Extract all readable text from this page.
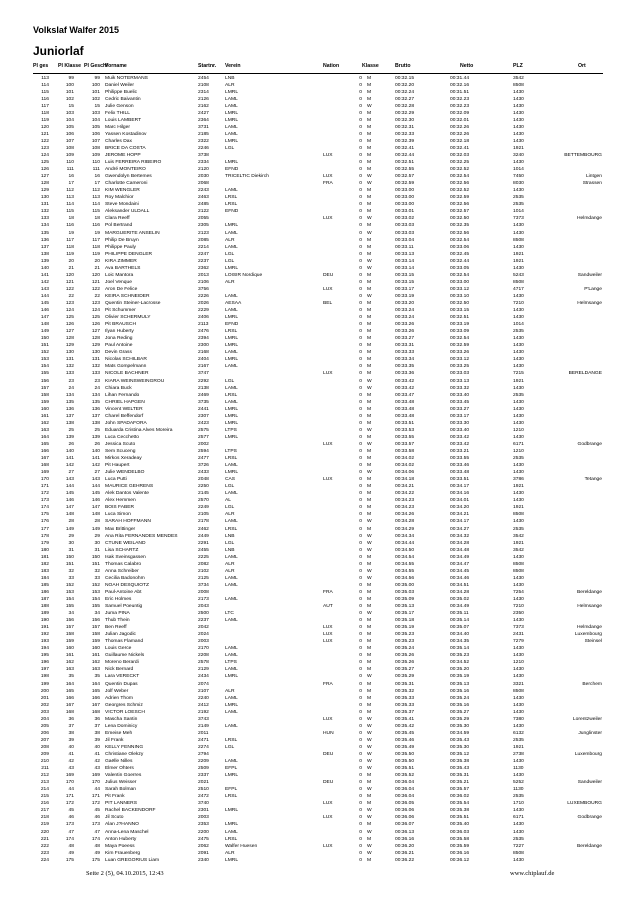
Volkslaf Walfer 2015
Juniorlaf
Pl ges Pl Klasse Pl Geschl
Vorname	Startnr. Verein	Nation	Klasse	Brutto	Netto	PLZ	Ort
113	99	99 Muik NOTERMANS	2454	LNB	0 M	00:32.15	00:31.44	3542
114	100	100 Daniel Weiler	2108	ALR	0 M	00:32.20	00:32.16	8508
115	101	101 Philippe Buelic	2314	LMRL	0 M	00:32.24	00:31.51	1430
116	102	102 Cedric Baivantin	2126	LAML	0 M	00:32.27	00:32.23	1430
117	15	15 Julie Genson	2162	LAML	0 W	00:32.28	00:32.23	1430
118	103	103 Felix THILL	2427	LMRL	0 M	00:32.29	00:32.09	1430
119	104	104 Louis LAMBERT	2364	LMRL	0 M	00:32.30	00:32.01	1430
120	105	105 Marc Hilger	3731	LAML	0 M	00:32.31	00:32.26	1430
121	106	106 Yassen Kostadinov	2185	LAML	0 M	00:32.33	00:32.26	1430
122	107	107 Charles Dax	2322	LMRL	0 M	00:32.39	00:32.18	1430
123	108	108 BRICE DA COSTA	2246	LGL	0 M	00:32.41	00:32.41	1921
124	109	109 JEROME HOPP	3738	LUX	0 M	00:32.44	00:32.03	3240	BETTEMBOURG
125	110	110 Luis FERREIRA RIBEIRO	2334	LMRL	0 M	00:32.51	00:32.25	1430
126	111	111 André MONTEIRO	2120	EFND	0 M	00:32.55	00:32.52	1014
127	16	16 Gwendolyn Bertemes	2030	TRICELTIC Diekirch	LUX	0 W	00:32.57	00:32.54	7450	Lintgen
128	17	17 Charlotte Cameroni	2068	FRA	0 W	00:32.59	00:32.56	8030	Strassen
129	112	112 KIM WENGLER	2243	LAML	0 M	00:33.00	00:32.52	1430
130	113	113 Roy Malchior	2463	LRSL	0 M	00:33.00	00:32.59	2535
131	114	114 Steve Mondaini	2485	LRSL	0 M	00:33.00	00:32.56	2535
132	115	115 Aleksander ULDALL	2122	EFND	0 M	00:33.01	00:32.57	1014
133	18	18 Clara Reeff	2055	LUX	0 W	00:33.02	00:32.50	7373	Helmdange
134	116	116 Pol Bertrand	2305	LMRL	0 M	00:33.03	00:32.35	1430
135	19	19 MARGUERITE ANSELIN	2123	LAML	0 W	00:33.03	00:32.56	1430
136	117	117 Philip De Bruyn	2085	ALR	0 M	00:33.04	00:32.54	8508
137	118	118 Philippe Pauly	2214	LAML	0 M	00:33.11	00:33.06	1430
138	119	119 PHILIPPE DENGLER	2247	LGL	0 M	00:33.13	00:32.45	1921
139	20	20 KIRA ZIMMER	2237	LGL	0 W	00:33.14	00:32.44	1921
140	21	21 Ava BARTHELS	2362	LMRL	0 W	00:33.14	00:33.05	1430
141	120	120 Loic Mantora	2013	LOISIR Nordique	DEU	0 M	00:33.15	00:32.54	5243	Sandweiler
142	121	121 Joel Venque	2106	ALR	0 M	00:33.15	00:33.00	8508
143	122	122 Aron De Felice	3756	LUX	0 M	00:33.17	00:33.12	4717	P'Lange
144	22	22 KEIRA SCHNEIDER	2226	LAML	0 W	00:33.19	00:33.10	1430
145	123	123 Quentin Steiner-Lacrosse	2026	AESAA	BEL	0 M	00:33.20	00:32.50	7210	Helmsange
146	124	124 Pit Schummer	2229	LAML	0 M	00:33.24	00:33.15	1430
147	125	125 Olivier SCHERMULY	2406	LMRL	0 M	00:33.24	00:32.51	1430
148	126	126 Pit BRAUSCH	2113	EFND	0 M	00:33.26	00:33.19	1014
149	127	127 Ilyan Huberty	2476	LRSL	0 M	00:33.26	00:33.09	2535
150	128	128 Jona Reding	2394	LMRL	0 M	00:33.27	00:32.54	1430
151	129	129 Paul Antoine	2300	LMRL	0 M	00:33.31	00:32.59	1430
152	130	130 Devin Grass	2168	LAML	0 M	00:33.33	00:33.26	1430
153	131	131 Nicolas SCHILBAR	2404	LMRL	0 M	00:33.34	00:33.12	1430
154	132	132 Mats Gompelmann	2167	LAML	0 M	00:33.35	00:33.25	1430
155	133	133 NICOLE BACHNER	3747	LUX	0 M	00:33.36	00:33.03	7215	BERELDANGE
156	23	23 KIARA WEINSWEINGROU	2292	LGL	0 W	00:33.42	00:33.13	1921
157	24	24 Chiara Buck	2138	LAML	0 W	00:33.42	00:33.32	1430
158	134	134 Lihan Fernando	2469	LRSL	0 M	00:33.47	00:33.40	2535
159	135	135 CHRIEL HAPGEN	3735	LAML	0 M	00:33.48	00:33.45	1430
160	136	136 Vincent WELTER	2441	LMRL	0 M	00:33.48	00:33.27	1430
161	137	137 Charel Beffendorf	2307	LMRL	0 M	00:33.48	00:33.17	1430
162	138	138 John SPADAFORA	2423	LMRL	0 M	00:33.51	00:33.30	1430
163	25	25 Eduarda Cristina Alves Moreira	2575	LTPS	0 W	00:33.53	00:33.40	1210
164	139	139 Luca Cecchetto	2577	LMRL	0 M	00:33.55	00:33.42	1430
165	26	26 Jessica Scuto	2002	LUX	0 W	00:33.57	00:33.42	6171	Godbrange
166	140	140 Sem Scuceng	2594	LTPS	0 M	00:33.58	00:33.21	1210
167	141	141 Mirkos Xeradeay	2477	LRSL	0 M	00:34.02	00:33.55	2535
168	142	142 Pit Haupert	3726	LAML	0 M	00:34.02	00:33.46	1430
169	27	27 Julie WENDELBO	2433	LMRL	0 W	00:34.06	00:33.48	1430
170	143	143 Luca Putti	2048	CAS	LUX	0 M	00:34.18	00:33.51	3786	Tetange
171	144	144 MAURICE GEHRENS	2250	LGL	0 M	00:34.21	00:34.17	1921
172	145	145 Alek Dantos Valente	2145	LAML	0 M	00:34.22	00:34.16	1430
173	146	146 Alex Hemmen	2570	AL	0 M	00:34.23	00:34.01	1430
174	147	147 BOIS FABER	2249	LGL	0 M	00:34.23	00:34.20	1921
175	148	148 Luca Simon	2105	ALR	0 M	00:34.26	00:34.21	8508
176	28	28 SARAH HOFFMANN	2178	LAML	0 W	00:34.28	00:34.17	1430
177	149	149 Max Brittinger	2462	LRSL	0 M	00:34.29	00:34.27	2535
178	29	29 Ana Rita FERNANDES MENDES	2449	LNB	0 W	00:34.34	00:34.32	3542
179	30	30 CTUNE WEILAND	2291	LGL	0 W	00:34.44	00:34.28	1921
180	31	31 Lisa SCHARTZ	2455	LNB	0 W	00:34.50	00:34.48	3542
181	150	150 Isak Sveinsgassen	2225	LAML	0 M	00:34.54	00:34.49	1430
182	151	151 Thomas Calabro	2082	ALR	0 M	00:34.55	00:34.47	8508
183	32	32 Anna Schreiber	2102	ALR	0 W	00:34.55	00:34.45	8508
184	33	33 Cecilia Badonohm	2125	LAML	0 W	00:34.56	00:34.46	1430
185	152	152 NOAH DESQUIOTZ	3734	LAML	0 M	00:35.00	00:34.51	1430
186	153	153 Paul-Antoine Abt	2008	FRA	0 M	00:35.03	00:34.28	7254	Bereldange
187	154	154 Eric Holmes	2173	LAML	0 M	00:35.09	00:35.02	1430
188	155	155 Samuel Poeuntig	2043	AUT	0 M	00:35.13	00:34.49	7210	Helmsange
189	34	34 Juma PINA	2500	LTC	0 W	00:35.17	00:35.11	2350
190	156	156 Thub Thein	2237	LAML	0 M	00:35.18	00:35.14	1430
191	157	157 Ben Reeff	2042	LUX	0 M	00:35.19	00:35.07	7373	Helmdange
192	158	158 Julian Jagodic	2024	LUX	0 M	00:35.23	00:34.40	2431	Luxembourg
193	159	159 Thomas Flamand	2003	LUX	0 M	00:35.23	00:34.35	7279	Steinsel
194	160	160 Louis Gerce	2170	LAML	0 M	00:35.24	00:35.14	1430
195	161	161 Guillaume Nickels	2208	LAML	0 M	00:35.26	00:35.23	1430
196	162	162 Moreno Berardi	2578	LTPS	0 M	00:35.26	00:34.52	1210
197	163	163 Nick Bernard	2129	LAML	0 M	00:35.27	00:35.20	1430
198	35	35 Lara VERECKT	2434	LMRL	0 W	00:35.29	00:35.19	1430
199	164	164 Quentin Dupas	2074	FRA	0 M	00:35.31	00:35.13	3321	Berchem
200	165	165 Jolf Weber	2107	ALR	0 M	00:35.32	00:35.16	8508
201	166	166 Adrien Thom	2240	LAML	0 M	00:35.33	00:35.24	1430
202	167	167 Georgres Schmiz	2412	LMRL	0 M	00:35.33	00:35.16	1430
203	168	168 VICTOR LOESCH	2192	LAML	0 M	00:35.37	00:35.27	1430
204	36	36 Mascha Santin	3743	LUX	0 W	00:35.41	00:35.29	7380	Lorentzweiler
205	37	37 Lena Dominicy	2149	LAML	0 W	00:35.42	00:35.30	1430
206	38	38 Emeise Meh	2011	HUN	0 W	00:35.45	00:34.59	6132	Junglinster
207	39	39 Jil Frank	2471	LRSL	0 W	00:35.46	00:35.43	2535
208	40	40 KELLY FENNING	2274	LGL	0 W	00:35.49	00:35.30	1921
209	41	41 Christiane Olekzy	2794	DEU	0 W	00:35.50	00:35.12	2738	Luxembourg
210	42	42 Gaëlle Nilles	2209	LAML	0 W	00:35.50	00:35.38	1430
211	43	43 Elmer Ohters	2509	EFPL	0 W	00:35.51	00:35.43	1130
212	169	169 Valentin Goerres	2337	LMRL	0 M	00:35.52	00:35.31	1430
213	170	170 Julius Weisser	2021	DEU	0 M	00:36.04	00:35.21	5252	Sandweiler
214	44	44 Sarah Bolman	2510	EFPL	0 W	00:36.04	00:35.57	1130
215	171	171 Pit Frank	2472	LRSL	0 M	00:36.04	00:36.02	2535
216	172	172 PIT LANNERS	3740	LUX	0 M	00:36.05	00:35.54	1710	LUXEMBOURG
217	45	45 Rachel BACKENDORF	2301	LMRL	0 W	00:36.06	00:35.38	1430
218	46	46 Jil Scuto	2003	LUX	0 W	00:36.06	00:35.51	6171	Godbrange
219	173	173 Alan J?HANNO	2353	LMRL	0 M	00:36.07	00:35.40	1430
220	47	47 Anna-Lena Maschel	2200	LAML	0 W	00:36.13	00:36.03	1430
221	174	174 Anton Huberty	2475	LRSL	0 M	00:36.16	00:35.58	2535
222	48	48 Maya Poeess	2062	Walfer Huesen	LUX	0 W	00:36.20	00:35.59	7227	Bereldange
223	49	49 Kim Frauenberg	2091	ALR	0 W	00:36.21	00:36.16	8508
224	175	175 Luan GREGORIUS Liam	2340	LMRL	0 M	00:36.22	00:36.12	1430
Seite 2 (5), 04.10.2015, 12:43	www.chiplauf.de
